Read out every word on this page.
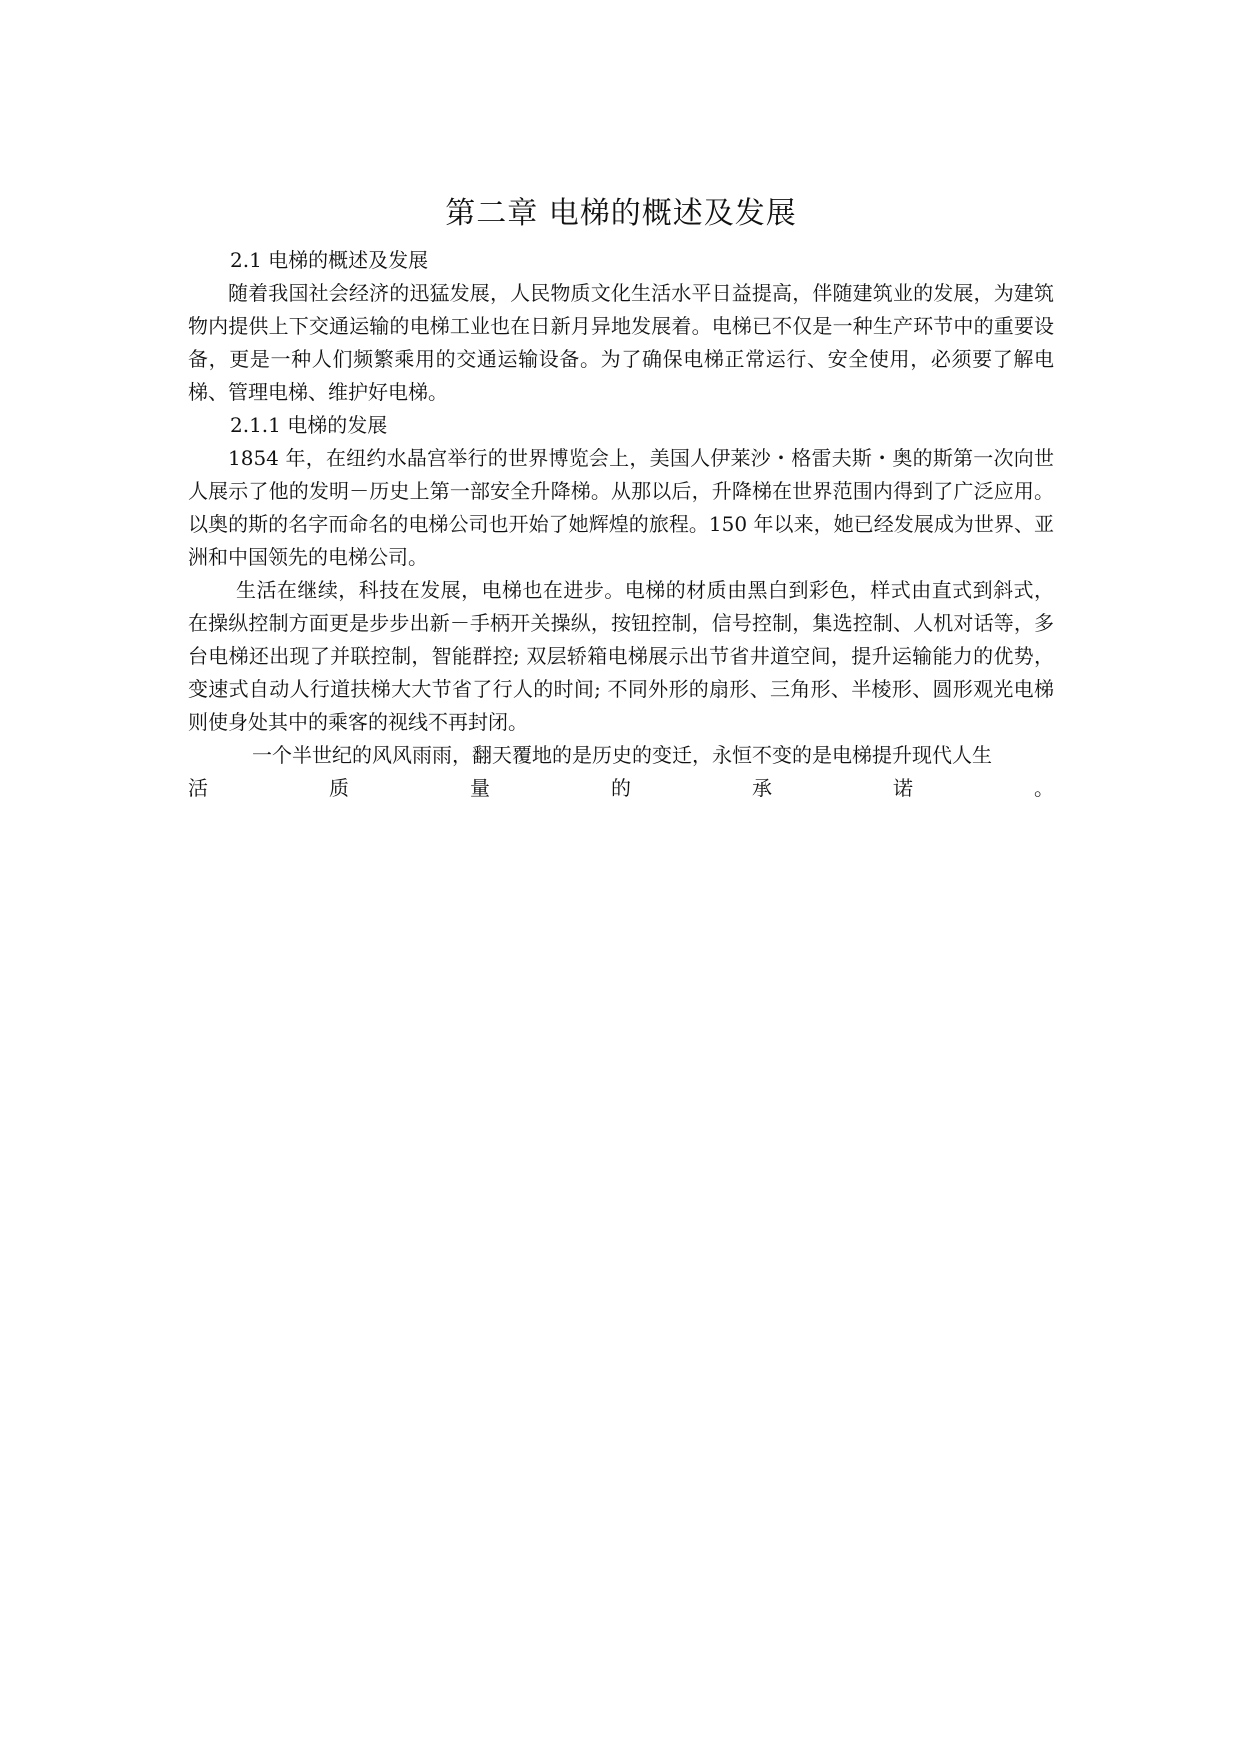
第二章 电梯的概述及发展

2.1 电梯的概述及发展

随着我国社会经济的迅猛发展，人民物质文化生活水平日益提高，伴随建筑业的发展，为建筑物内提供上下交通运输的电梯工业也在日新月异地发展着。电梯已不仅是一种生产环节中的重要设备，更是一种人们频繁乘用的交通运输设备。为了确保电梯正常运行、安全使用，必须要了解电梯、管理电梯、维护好电梯。

2.1.1 电梯的发展

1854 年，在纽约水晶宫举行的世界博览会上，美国人伊莱沙・格雷夫斯・奥的斯第一次向世人展示了他的发明－历史上第一部安全升降梯。从那以后，升降梯在世界范围内得到了广泛应用。以奥的斯的名字而命名的电梯公司也开始了她辉煌的旅程。150 年以来，她已经发展成为世界、亚洲和中国领先的电梯公司。

生活在继续，科技在发展，电梯也在进步。电梯的材质由黑白到彩色，样式由直式到斜式，在操纵控制方面更是步步出新－手柄开关操纵，按钮控制，信号控制，集选控制、人机对话等，多台电梯还出现了并联控制，智能群控; 双层轿箱电梯展示出节省井道空间，提升运输能力的优势，变速式自动人行道扶梯大大节省了行人的时间; 不同外形的扇形、三角形、半棱形、圆形观光电梯则使身处其中的乘客的视线不再封闭。

一个半世纪的风风雨雨，翻天覆地的是历史的变迁，永恒不变的是电梯提升现代人生

活	质	量	的	承	诺	。
